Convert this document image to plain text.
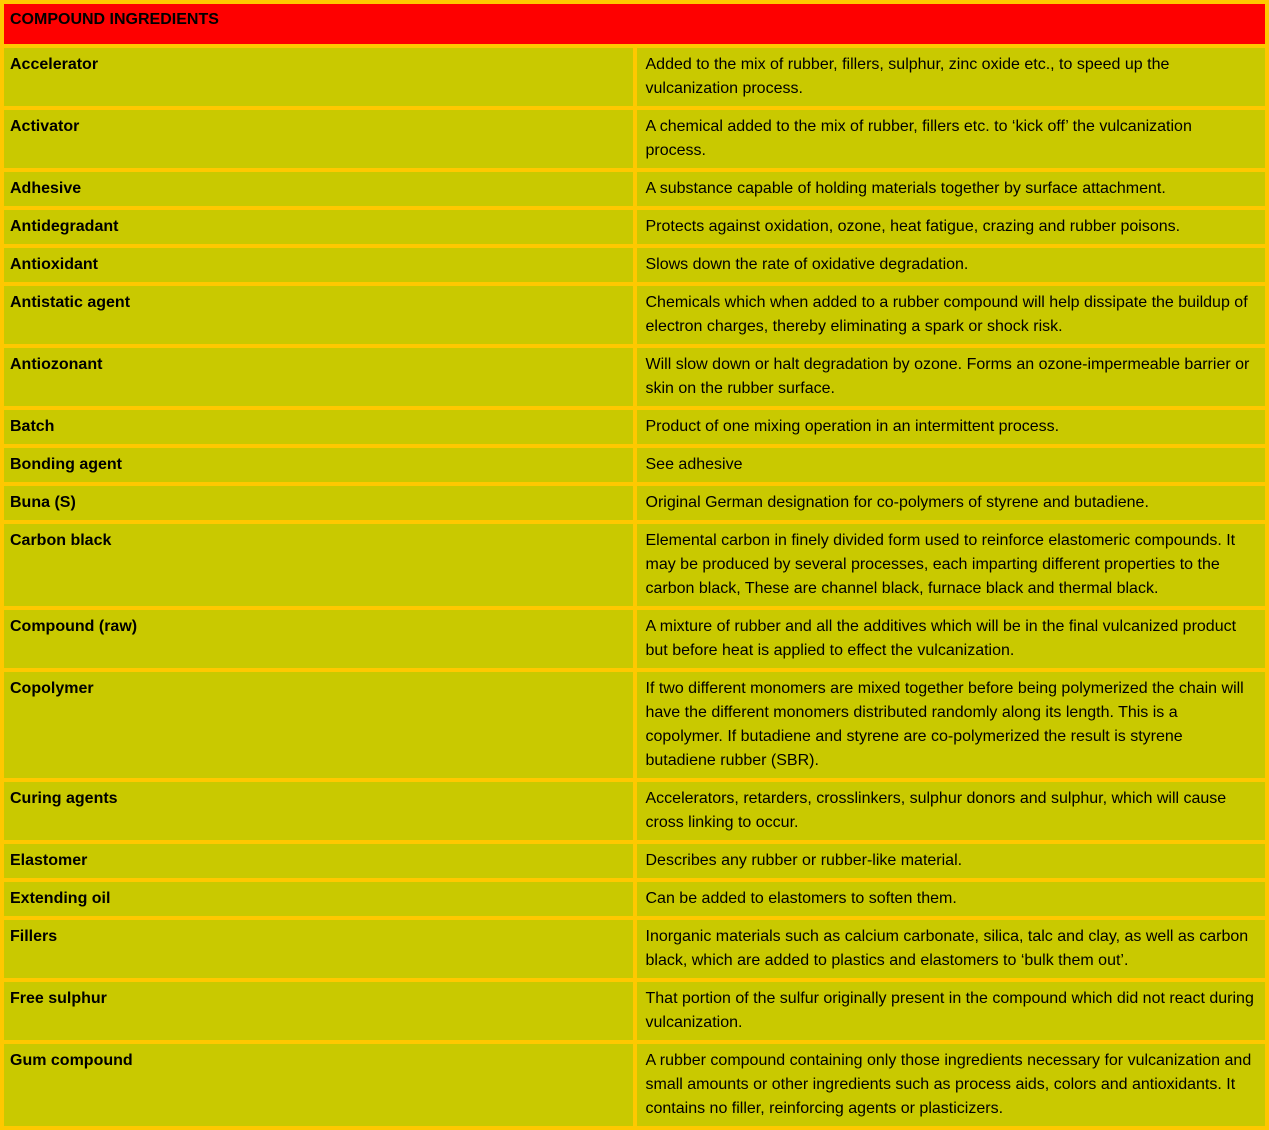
COMPOUND INGREDIENTS	
Accelerator	Added to the mix of rubber, fillers, sulphur, zinc oxide etc., to speed up the vulcanization process.
Activator	A chemical added to the mix of rubber, fillers etc. to ‘kick off’ the vulcanization process.
Adhesive	A substance capable of holding materials together by surface attachment.
Antidegradant	Protects against oxidation, ozone, heat fatigue, crazing and rubber poisons.
Antioxidant	Slows down the rate of oxidative degradation.
Antistatic agent	Chemicals which when added to a rubber compound will help dissipate the buildup of electron charges, thereby eliminating a spark or shock risk.
Antiozonant	Will slow down or halt degradation by ozone. Forms an ozone-impermeable barrier or skin on the rubber surface.
Batch	Product of one mixing operation in an intermittent process.
Bonding agent	See adhesive
Buna (S)	Original German designation for co-polymers of styrene and butadiene.
Carbon black	Elemental carbon in finely divided form used to reinforce elastomeric compounds. It may be produced by several processes, each imparting different properties to the carbon black, These are channel black, furnace black and thermal black.
Compound (raw)	A mixture of rubber and all the additives which will be in the final vulcanized product but before heat is applied to effect the vulcanization.
Copolymer	If two different monomers are mixed together before being polymerized the chain will have the different monomers distributed randomly along its length. This is a copolymer. If butadiene and styrene are co-polymerized the result is styrene butadiene rubber (SBR).
Curing agents	Accelerators, retarders, crosslinkers, sulphur donors and sulphur, which will cause cross linking to occur.
Elastomer	Describes any rubber or rubber-like material.
Extending oil	Can be added to elastomers to soften them.
Fillers	Inorganic materials such as calcium carbonate, silica, talc and clay, as well as carbon black, which are added to plastics and elastomers to ‘bulk them out’.
Free sulphur	That portion of the sulfur originally present in the compound which did not react during vulcanization.
Gum compound	A rubber compound containing only those ingredients necessary for vulcanization and small amounts or other ingredients such as process aids, colors and antioxidants. It contains no filler, reinforcing agents or plasticizers.
